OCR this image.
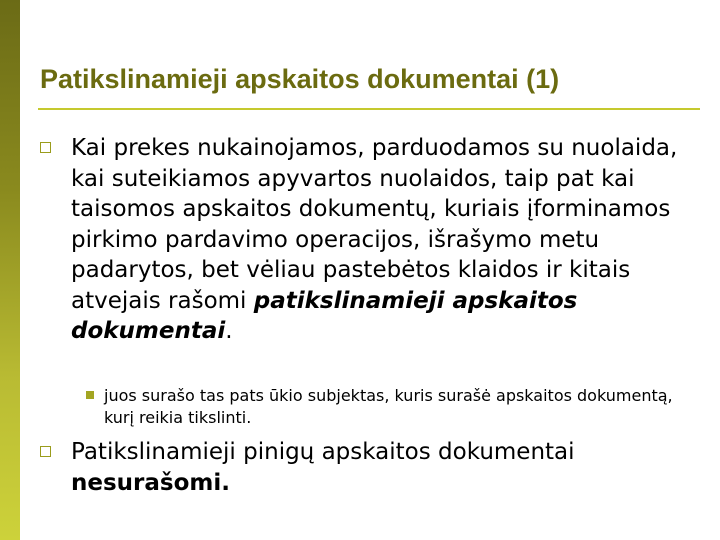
Patikslinamieji apskaitos dokumentai (1)
Kai prekes nukainojamos, parduodamos su nuolaida, kai suteikiamos apyvartos nuolaidos, taip pat kai taisomos apskaitos dokumentų, kuriais įforminamos pirkimo pardavimo operacijos, išrašymo metu padarytos, bet vėliau pastebėtos klaidos ir kitais atvejais rašomi patikslinamieji apskaitos dokumentai.
juos surašo tas pats ūkio subjektas, kuris surašė apskaitos dokumentą, kurį reikia tikslinti.
Patikslinamieji pinigų apskaitos dokumentai nesurašomi.
